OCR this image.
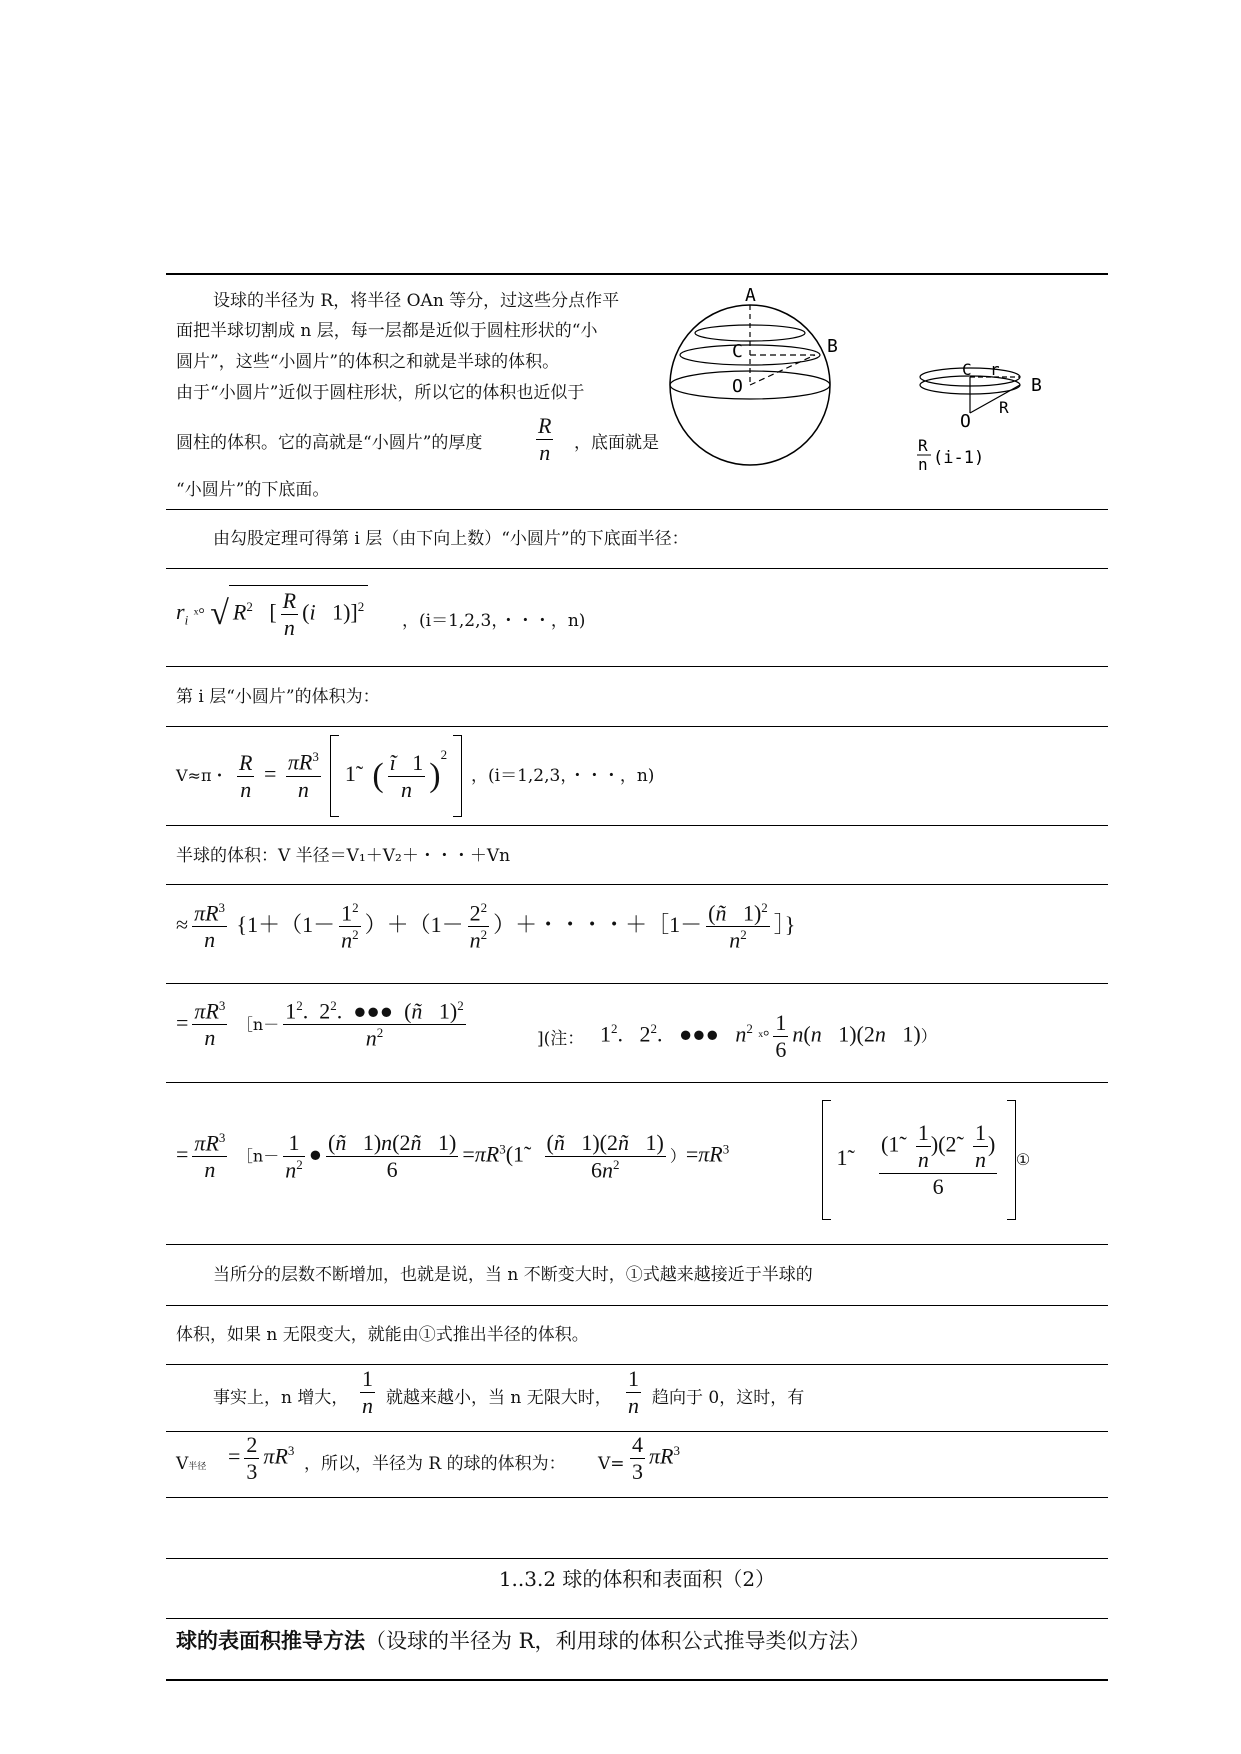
设球的半径为 R，将半径 OAn 等分，过这些分点作平
面把半球切割成 n 层，每一层都是近似于圆柱形状的“小
圆片”，这些“小圆片”的体积之和就是半球的体积。
由于“小圆片”近似于圆柱形状，所以它的体积也近似于
圆柱的体积。它的高就是“小圆片”的厚度 $\frac{R}{n}$ ，底面就是
“小圆片”的下底面。
A
B
C
O
C r
B
O
R
R
n (i-1)
由勾股定理可得第 i 层（由下向上数）“小圆片”的下底面半径：
$r_i$ ˣ° √ $R^2$   [ $\frac{R}{n} (i$   1)]$^2$
，(i＝1,2,3，・・・，n)
第 i 层“小圆片”的体积为：
V≈π・ $\frac{R}{n} = \frac{\pi R^3}{n}$ 1̃   ( $\frac{ĩ 1}{n} )^2$
，(i＝1,2,3，・・・，n)
半球的体积：V 半径＝V₁＋V₂＋・・・＋Vn
≈ $\frac{\pi R^3}{n} \{1+(1- \frac{1^2}{n^2} )+(1- \frac{2^2}{n^2}$ ）＋・・・・＋［1－ $\frac{(ñ 1)^2}{n^2}$ ］}
= $\frac{\pi R^3}{n}$ ［n－ $\frac{1^2. 2^2. ●●● (ñ 1)^2}{n^2}$	](注： $1^2$.   $2^2$.   ●●●   $n^2$ ˣ° $\frac{1}{6} n(n$   1)(2n   1)）
= $\frac{\pi R^3}{n}$ ［n－ $\frac{1}{n^2}$ ● $\frac{(ñ 1)n(2ñ 1)}{6}$ $=\pi R^3(1̃ \frac{(ñ 1)(2ñ 1)}{6n^2} )=\pi R^3$	1̃ $\frac{(1̃ \frac{1}{n} )(2̃ \frac{1}{n} )}{6}$ ①
当所分的层数不断增加，也就是说，当 n 不断变大时，①式越来越接近于半球的
体积，如果 n 无限变大，就能由①式推出半径的体积。
事实上，n 增大， $\frac{1}{n}$ 就越来越小，当 n 无限大时， $\frac{1}{n}$ 趋向于 0，这时，有
V半径 = $\frac{2}{3} \pi R^3$
，所以，半径为 R 的球的体积为： $V= \frac{4}{3} \pi R^3$
1..3.2 球的体积和表面积（2）
球的表面积推导方法（设球的半径为 R，利用球的体积公式推导类似方法）
